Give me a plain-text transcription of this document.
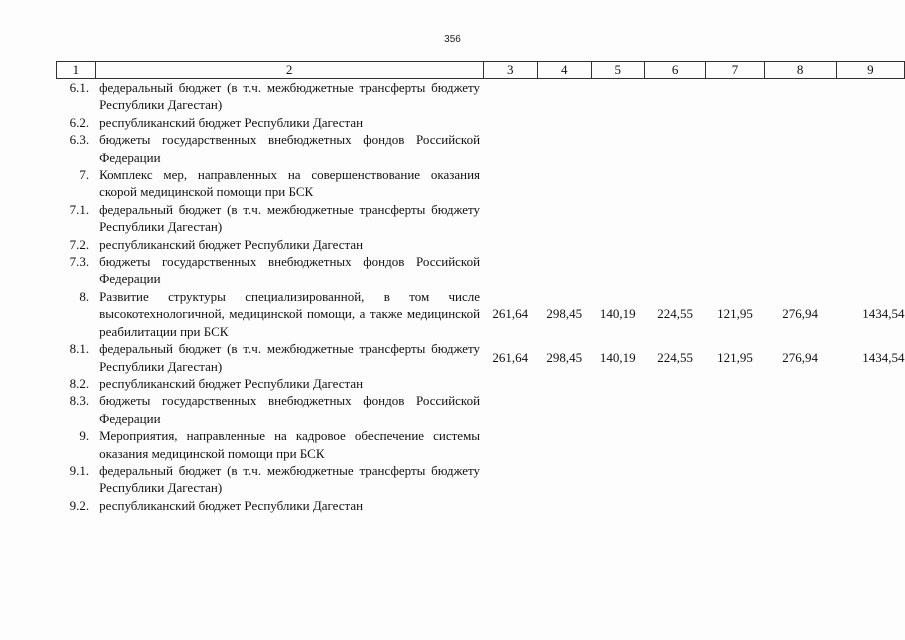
356
1	2	3	4	5	6	7	8	9
6.1.	федеральный бюджет (в т.ч. межбюджетные трансферты бюджету Республики Дагестан)							
6.2.	республиканский бюджет Республики Дагестан							
6.3.	бюджеты государственных внебюджетных фондов Российской Федерации							
7.	Комплекс мер, направленных на совершенствование оказания скорой медицинской помощи при БСК							
7.1.	федеральный бюджет (в т.ч. межбюджетные трансферты бюджету Республики Дагестан)							
7.2.	республиканский бюджет Республики Дагестан							
7.3.	бюджеты государственных внебюджетных фондов Российской Федерации							
8.	Развитие структуры специализированной, в том числе высокотехнологичной, медицинской помощи, а также медицинской реабилитации при БСК	261,64	298,45	140,19	224,55	121,95	276,94	1434,54
8.1.	федеральный бюджет (в т.ч. межбюджетные трансферты бюджету Республики Дагестан)	261,64	298,45	140,19	224,55	121,95	276,94	1434,54
8.2.	республиканский бюджет Республики Дагестан							
8.3.	бюджеты государственных внебюджетных фондов Российской Федерации							
9.	Мероприятия, направленные на кадровое обеспечение системы оказания медицинской помощи при БСК							
9.1.	федеральный бюджет (в т.ч. межбюджетные трансферты бюджету Республики Дагестан)							
9.2.	республиканский бюджет Республики Дагестан							
